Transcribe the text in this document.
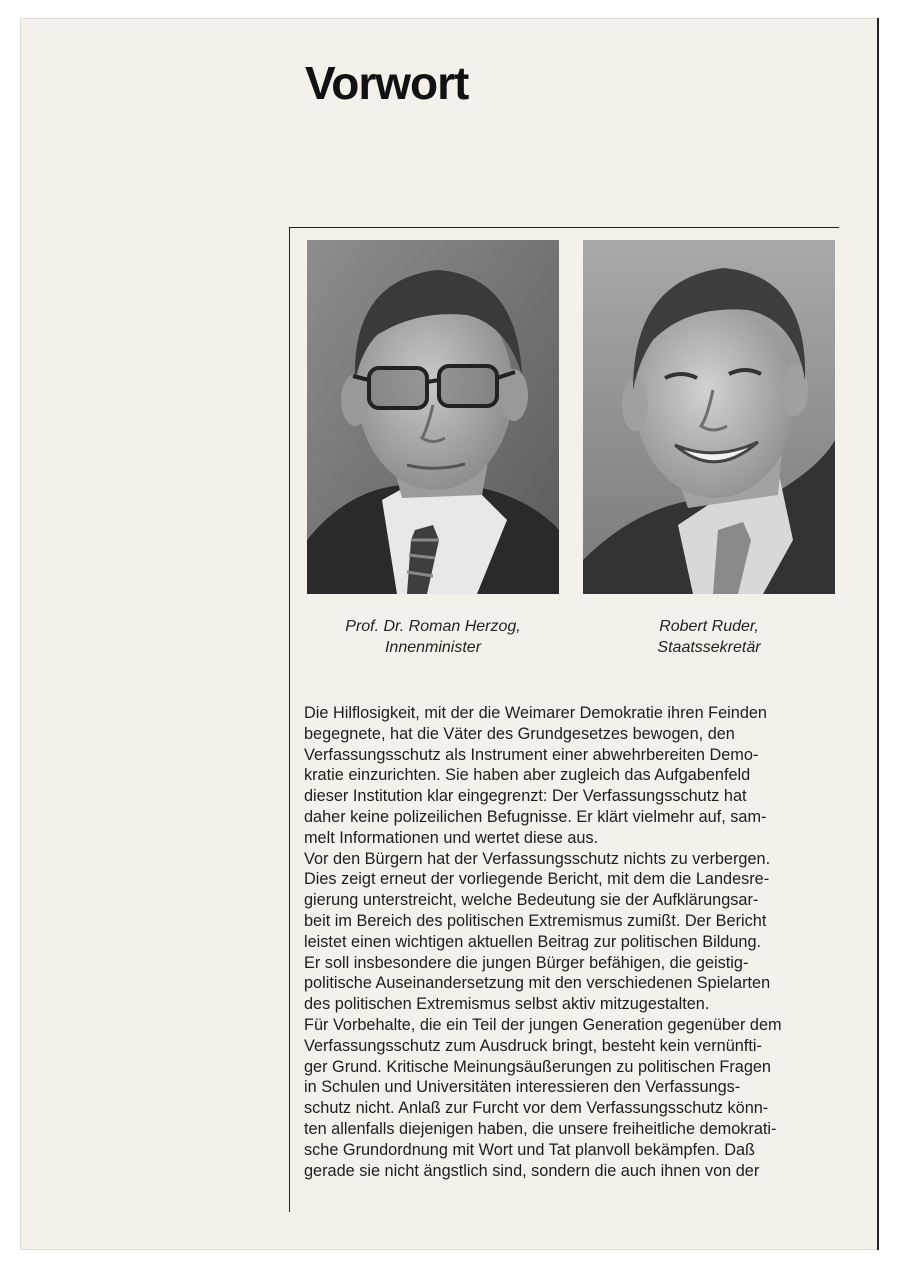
Vorwort
Prof. Dr. Roman Herzog,
Innenminister
Robert Ruder,
Staatssekretär
Die Hilflosigkeit, mit der die Weimarer Demokratie ihren Feinden
begegnete, hat die Väter des Grundgesetzes bewogen, den
Verfassungsschutz als Instrument einer abwehrbereiten Demo-
kratie einzurichten. Sie haben aber zugleich das Aufgabenfeld
dieser Institution klar eingegrenzt: Der Verfassungsschutz hat
daher keine polizeilichen Befugnisse. Er klärt vielmehr auf, sam-
melt Informationen und wertet diese aus.
Vor den Bürgern hat der Verfassungsschutz nichts zu verbergen.
Dies zeigt erneut der vorliegende Bericht, mit dem die Landesre-
gierung unterstreicht, welche Bedeutung sie der Aufklärungsar-
beit im Bereich des politischen Extremismus zumißt. Der Bericht
leistet einen wichtigen aktuellen Beitrag zur politischen Bildung.
Er soll insbesondere die jungen Bürger befähigen, die geistig-
politische Auseinandersetzung mit den verschiedenen Spielarten
des politischen Extremismus selbst aktiv mitzugestalten.
Für Vorbehalte, die ein Teil der jungen Generation gegenüber dem
Verfassungsschutz zum Ausdruck bringt, besteht kein vernünfti-
ger Grund. Kritische Meinungsäußerungen zu politischen Fragen
in Schulen und Universitäten interessieren den Verfassungs-
schutz nicht. Anlaß zur Furcht vor dem Verfassungsschutz könn-
ten allenfalls diejenigen haben, die unsere freiheitliche demokrati-
sche Grundordnung mit Wort und Tat planvoll bekämpfen. Daß
gerade sie nicht ängstlich sind, sondern die auch ihnen von der
